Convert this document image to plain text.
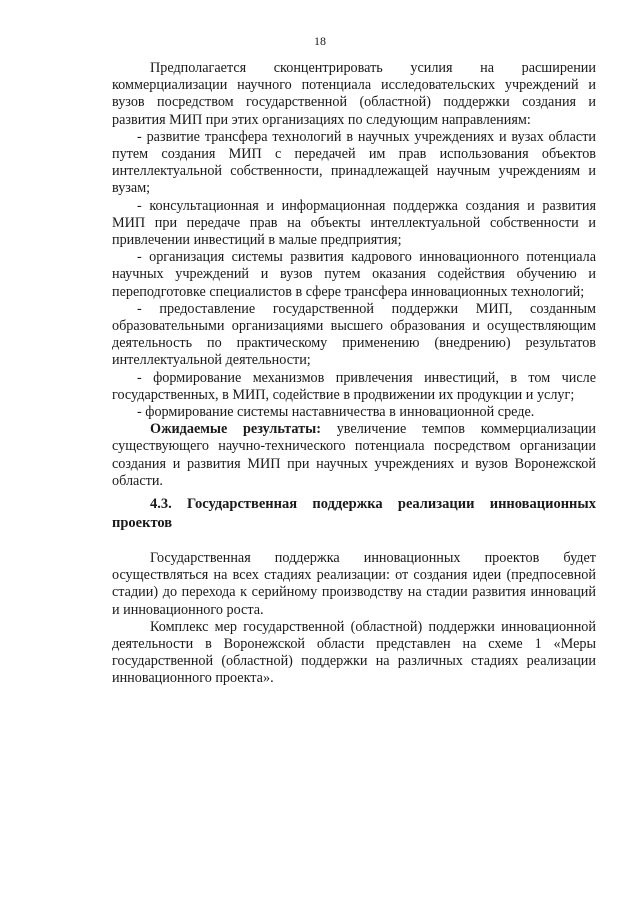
18

Предполагается сконцентрировать усилия на расширении коммерциализации научного потенциала исследовательских учреждений и вузов посредством государственной (областной) поддержки создания и развития МИП при этих организациях по следующим направлениям:

- развитие трансфера технологий в научных учреждениях и вузах области путем создания МИП с передачей им прав использования объектов интеллектуальной собственности, принадлежащей научным учреждениям и вузам;

- консультационная и информационная поддержка создания и развития МИП при передаче прав на объекты интеллектуальной собственности и привлечении инвестиций в малые предприятия;

- организация системы развития кадрового инновационного потенциала научных учреждений и вузов путем оказания содействия обучению и переподготовке специалистов в сфере трансфера инновационных технологий;

- предоставление государственной поддержки МИП, созданным образовательными организациями высшего образования и осуществляющим деятельность по практическому применению (внедрению) результатов интеллектуальной деятельности;

- формирование механизмов привлечения инвестиций, в том числе государственных, в МИП, содействие в продвижении их продукции и услуг;

- формирование системы наставничества в инновационной среде.

Ожидаемые результаты: увеличение темпов коммерциализации существующего научно-технического потенциала посредством организации создания и развития МИП при научных учреждениях и вузов Воронежской области.

4.3. Государственная поддержка реализации инновационных проектов

Государственная поддержка инновационных проектов будет осуществляться на всех стадиях реализации: от создания идеи (предпосевной стадии) до перехода к серийному производству на стадии развития инноваций и инновационного роста.

Комплекс мер государственной (областной) поддержки инновационной деятельности в Воронежской области представлен на схеме 1 «Меры государственной (областной) поддержки на различных стадиях реализации инновационного проекта».
